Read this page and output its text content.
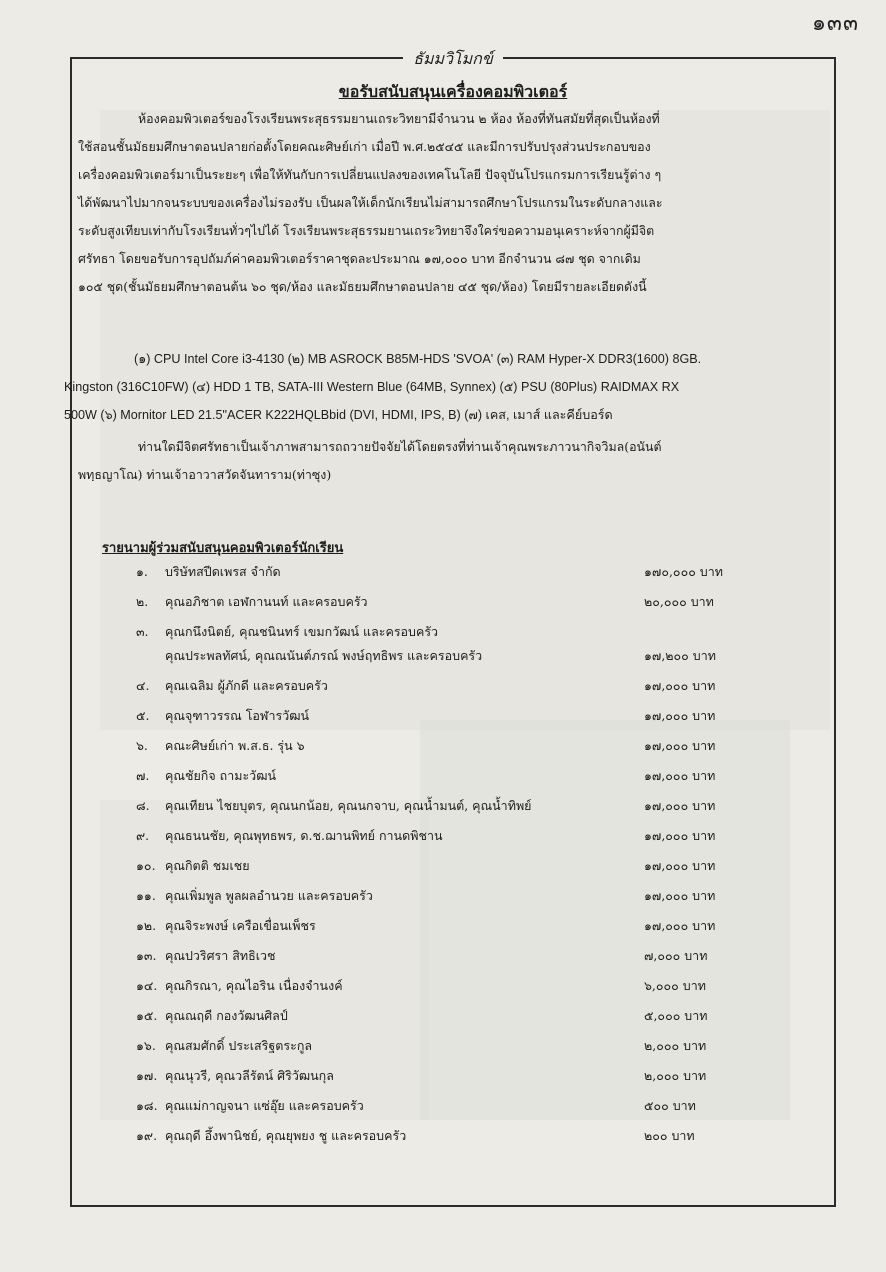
๑๓๓
ธัมมวิโมกข์
ขอรับสนับสนุนเครื่องคอมพิวเตอร์
ห้องคอมพิวเตอร์ของโรงเรียนพระสุธรรมยานเถระวิทยามีจำนวน ๒ ห้อง ห้องที่ทันสมัยที่สุดเป็นห้องที่
ใช้สอนชั้นมัธยมศึกษาตอนปลายก่อตั้งโดยคณะศิษย์เก่า เมื่อปี พ.ศ.๒๕๔๕ และมีการปรับปรุงส่วนประกอบของ
เครื่องคอมพิวเตอร์มาเป็นระยะๆ เพื่อให้ทันกับการเปลี่ยนแปลงของเทคโนโลยี ปัจจุบันโปรแกรมการเรียนรู้ต่าง ๆ
ได้พัฒนาไปมากจนระบบของเครื่องไม่รองรับ เป็นผลให้เด็กนักเรียนไม่สามารถศึกษาโปรแกรมในระดับกลางและ
ระดับสูงเทียบเท่ากับโรงเรียนทั่วๆไปได้ โรงเรียนพระสุธรรมยานเถระวิทยาจึงใคร่ขอความอนุเคราะห์จากผู้มีจิต
ศรัทธา โดยขอรับการอุปถัมภ์ค่าคอมพิวเตอร์ราคาชุดละประมาณ ๑๗,๐๐๐ บาท อีกจำนวน ๘๗ ชุด จากเดิม
๑๐๕ ชุด(ชั้นมัธยมศึกษาตอนต้น ๖๐ ชุด/ห้อง และมัธยมศึกษาตอนปลาย ๔๕ ชุด/ห้อง) โดยมีรายละเอียดดังนี้
(๑) CPU Intel Core i3-4130 (๒) MB ASROCK B85M-HDS 'SVOA' (๓) RAM Hyper-X DDR3(1600) 8GB.
Kingston (316C10FW) (๔) HDD 1 TB, SATA-III Western Blue (64MB, Synnex) (๕) PSU (80Plus) RAIDMAX RX
500W (๖) Mornitor LED 21.5"ACER K222HQLBbid (DVI, HDMI, IPS, B) (๗) เคส, เมาส์ และคีย์บอร์ด
ท่านใดมีจิตศรัทธาเป็นเจ้าภาพสามารถถวายปัจจัยได้โดยตรงที่ท่านเจ้าคุณพระภาวนากิจวิมล(อนันต์
พทฺธญาโณ) ท่านเจ้าอาวาสวัดจันทาราม(ท่าซุง)
รายนามผู้ร่วมสนับสนุนคอมพิวเตอร์นักเรียน
๑.	บริษัทสปีดเพรส จำกัด	๑๗๐,๐๐๐ บาท
๒.	คุณอภิชาต เอฬกานนท์ และครอบครัว	๒๐,๐๐๐ บาท
๓.	คุณกนึงนิตย์, คุณชนินทร์ เขมกวัฒน์ และครอบครัว
คุณประพลทัศน์, คุณณนันต์ภรณ์ พงษ์ฤทธิพร และครอบครัว	๑๗,๒๐๐ บาท
๔.	คุณเฉลิม ผู้ภักดี และครอบครัว	๑๗,๐๐๐ บาท
๕.	คุณจุฑาวรรณ โอฬารวัฒน์	๑๗,๐๐๐ บาท
๖.	คณะศิษย์เก่า พ.ส.ธ. รุ่น ๖	๑๗,๐๐๐ บาท
๗.	คุณชัยกิจ ถามะวัฒน์	๑๗,๐๐๐ บาท
๘.	คุณเทียน ไชยบุตร, คุณนกน้อย, คุณนกจาบ, คุณน้ำมนต์, คุณน้ำทิพย์	๑๗,๐๐๐ บาท
๙.	คุณธนนชัย, คุณพุทธพร, ด.ช.ฌานพิทย์ กานดพิชาน	๑๗,๐๐๐ บาท
๑๐. คุณกิตติ ชมเชย	๑๗,๐๐๐ บาท
๑๑. คุณเพิ่มพูล พูลผลอำนวย และครอบครัว	๑๗,๐๐๐ บาท
๑๒. คุณจิระพงษ์ เครือเขื่อนเพ็ชร	๑๗,๐๐๐ บาท
๑๓. คุณปวริศรา สิทธิเวช	๗,๐๐๐ บาท
๑๔. คุณกิรณา, คุณไอริน เนื่องจำนงค์	๖,๐๐๐ บาท
๑๕. คุณณฤดี กองวัฒนศิลป์	๕,๐๐๐ บาท
๑๖. คุณสมศักดิ์ ประเสริฐตระกูล	๒,๐๐๐ บาท
๑๗. คุณนุวรี, คุณวลีรัตน์ ศิริวัฒนกุล	๒,๐๐๐ บาท
๑๘. คุณแม่กาญจนา แซ่อุ๊ย และครอบครัว	๕๐๐ บาท
๑๙. คุณฤดี อึ้งพานิชย์, คุณยุพยง ชู และครอบครัว	๒๐๐ บาท
